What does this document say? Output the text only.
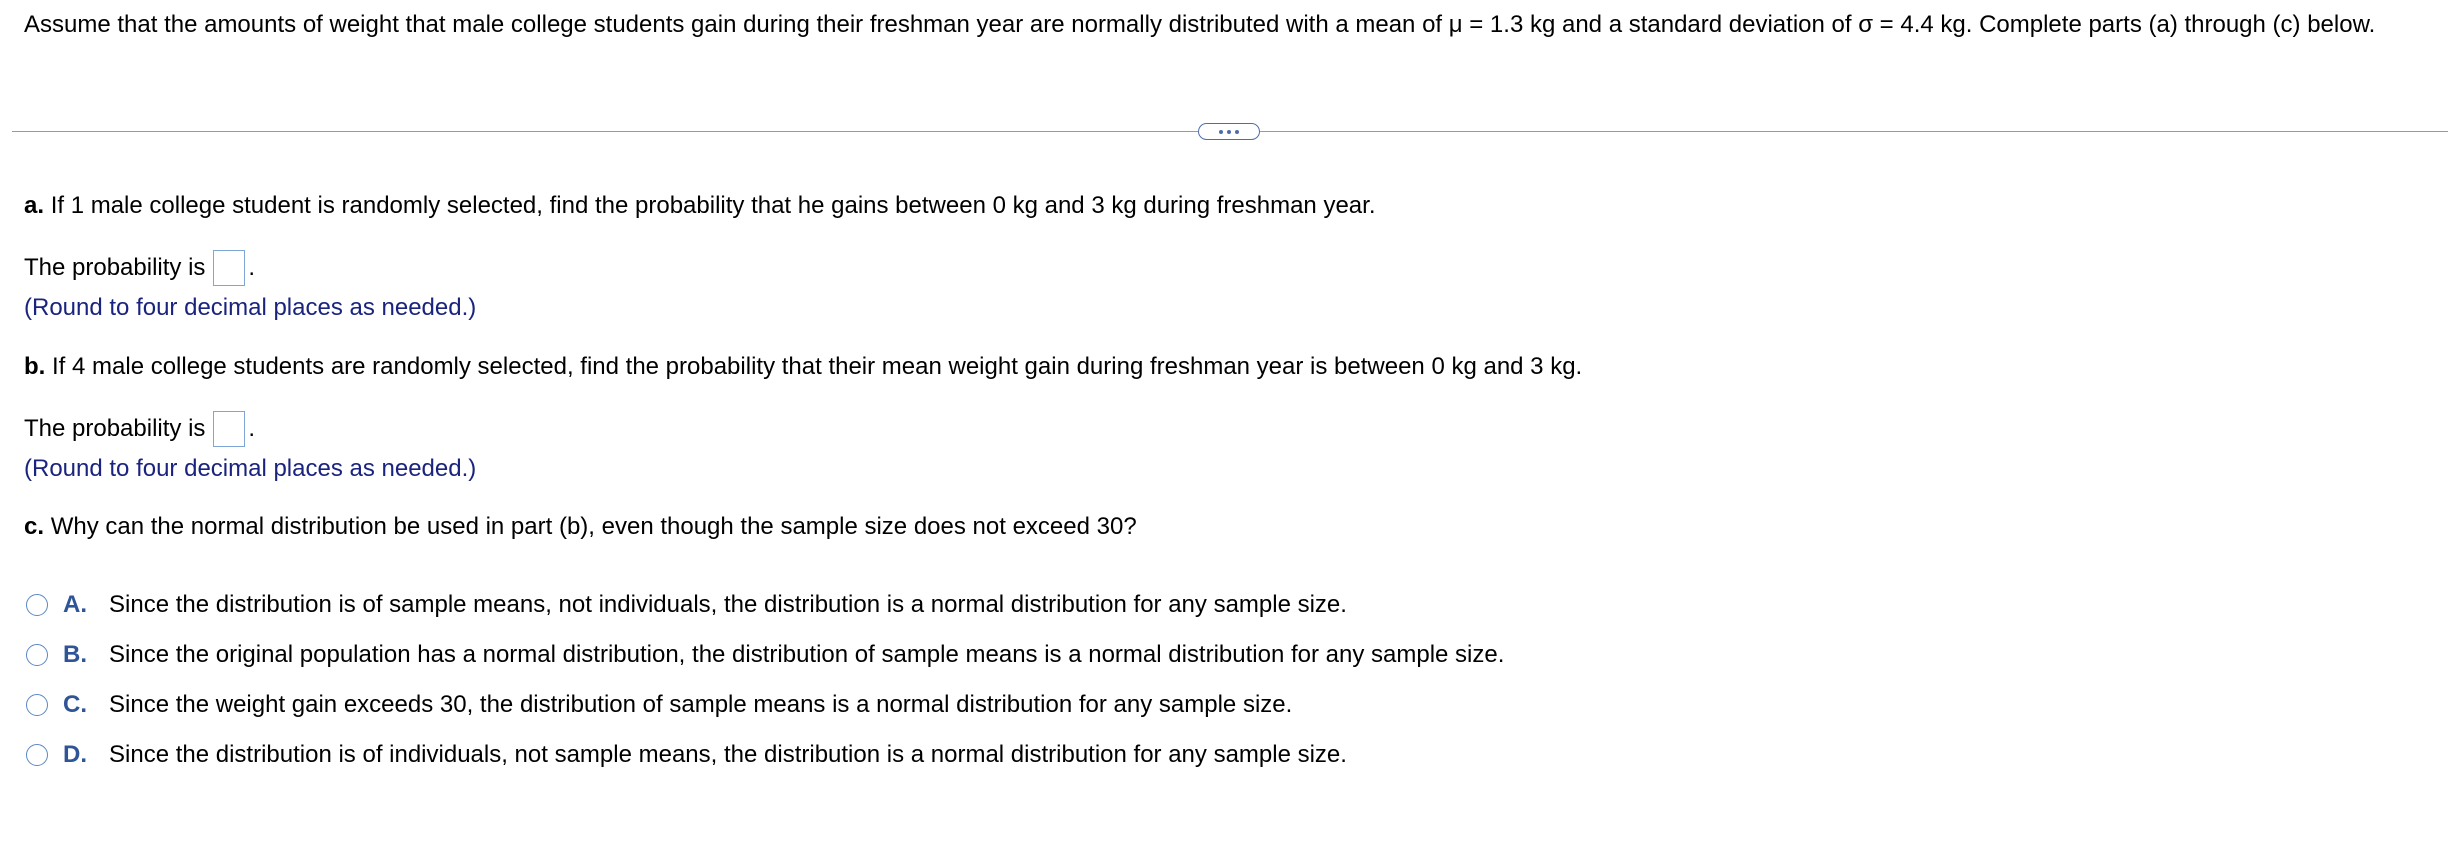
Assume that the amounts of weight that male college students gain during their freshman year are normally distributed with a mean of μ = 1.3 kg and a standard deviation of σ = 4.4 kg. Complete parts (a) through (c) below.

a. If 1 male college student is randomly selected, find the probability that he gains between 0 kg and 3 kg during freshman year.

The probability is .
(Round to four decimal places as needed.)

b. If 4 male college students are randomly selected, find the probability that their mean weight gain during freshman year is between 0 kg and 3 kg.

The probability is .
(Round to four decimal places as needed.)

c. Why can the normal distribution be used in part (b), even though the sample size does not exceed 30?

A. Since the distribution is of sample means, not individuals, the distribution is a normal distribution for any sample size.
B. Since the original population has a normal distribution, the distribution of sample means is a normal distribution for any sample size.
C. Since the weight gain exceeds 30, the distribution of sample means is a normal distribution for any sample size.
D. Since the distribution is of individuals, not sample means, the distribution is a normal distribution for any sample size.
